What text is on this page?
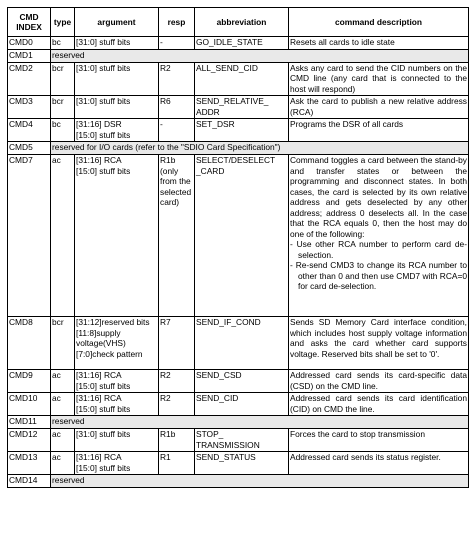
CMD INDEX	type	argument	resp	abbreviation	command description
CMD0	bc	[31:0] stuff bits	-	GO_IDLE_STATE	Resets all cards to idle state

CMD1	reserved				
CMD2	bcr	[31:0] stuff bits	R2	ALL_SEND_CID	Asks any card to send the CID numbers on the CMD line (any card that is connected to the host will respond)

CMD3	bcr	[31:0] stuff bits	R6	SEND_RELATIVE_
ADDR	Ask the card to publish a new relative address (RCA)

CMD4	bc	[31:16] DSR
[15:0] stuff bits	-	SET_DSR	Programs the DSR of all cards

CMD5	reserved for I/O cards (refer to the "SDIO Card Specification")				
CMD7	ac	[31:16] RCA
[15:0] stuff bits	R1b (only from the selected card)	SELECT/DESELECT
_CARD	Command toggles a card between the stand-by and transfer states or between the programming and disconnect states. In both cases, the card is selected by its own relative address and gets deselected by any other address; address 0 deselects all. In the case that the RCA equals 0, then the host may do one of the following:
- Use other RCA number to perform card de-selection.
- Re-send CMD3 to change its RCA number to other than 0 and then use CMD7 with RCA=0 for card de-selection.

CMD8	bcr	[31:12]reserved bits
[11:8]supply voltage(VHS)
[7:0]check pattern	R7	SEND_IF_COND	Sends SD Memory Card interface condition, which includes host supply voltage information and asks the card whether card supports voltage. Reserved bits shall be set to '0'.

CMD9	ac	[31:16] RCA
[15:0] stuff bits	R2	SEND_CSD	Addressed card sends its card-specific data (CSD) on the CMD line.

CMD10	ac	[31:16] RCA
[15:0] stuff bits	R2	SEND_CID	Addressed card sends its card identification (CID) on CMD the line.

CMD11	reserved				
CMD12	ac	[31:0] stuff bits	R1b	STOP_
TRANSMISSION	Forces the card to stop transmission

CMD13	ac	[31:16] RCA
[15:0] stuff bits	R1	SEND_STATUS	Addressed card sends its status register.

CMD14	reserved				
